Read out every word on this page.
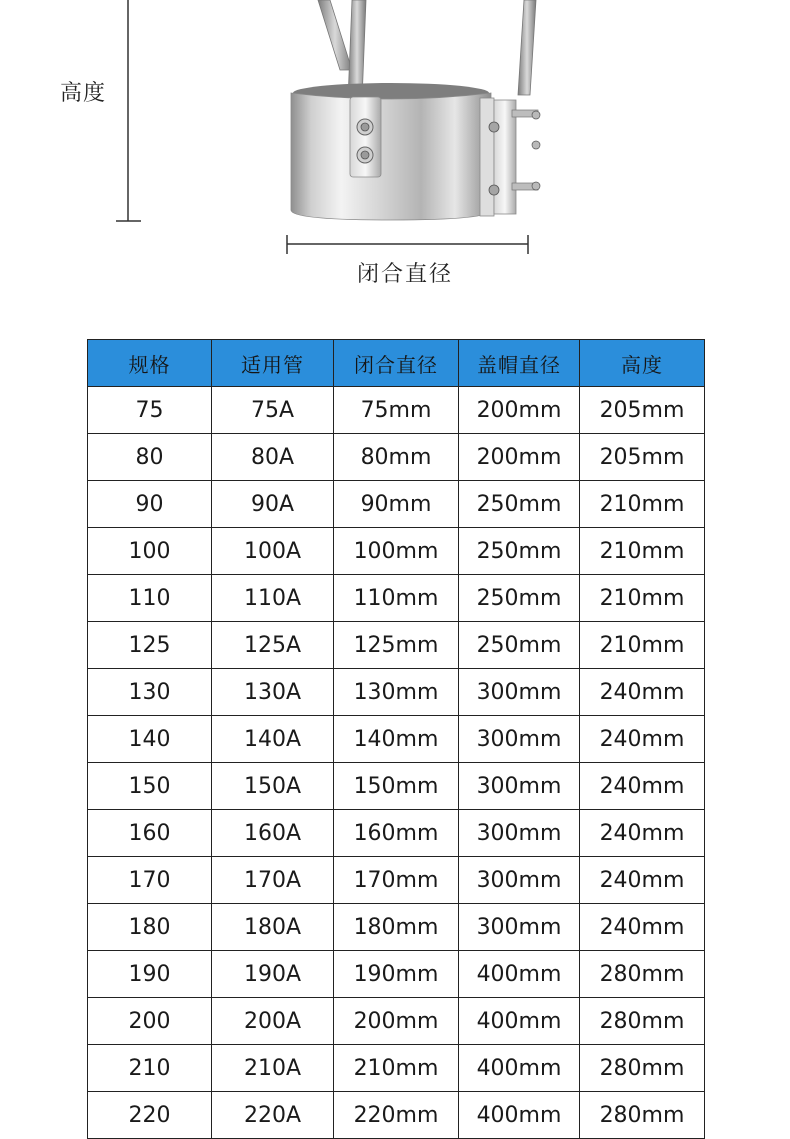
高度
闭合直径
规格	适用管	闭合直径	盖帽直径	高度
75	75A	75mm	200mm	205mm
80	80A	80mm	200mm	205mm
90	90A	90mm	250mm	210mm
100	100A	100mm	250mm	210mm
110	110A	110mm	250mm	210mm
125	125A	125mm	250mm	210mm
130	130A	130mm	300mm	240mm
140	140A	140mm	300mm	240mm
150	150A	150mm	300mm	240mm
160	160A	160mm	300mm	240mm
170	170A	170mm	300mm	240mm
180	180A	180mm	300mm	240mm
190	190A	190mm	400mm	280mm
200	200A	200mm	400mm	280mm
210	210A	210mm	400mm	280mm
220	220A	220mm	400mm	280mm
